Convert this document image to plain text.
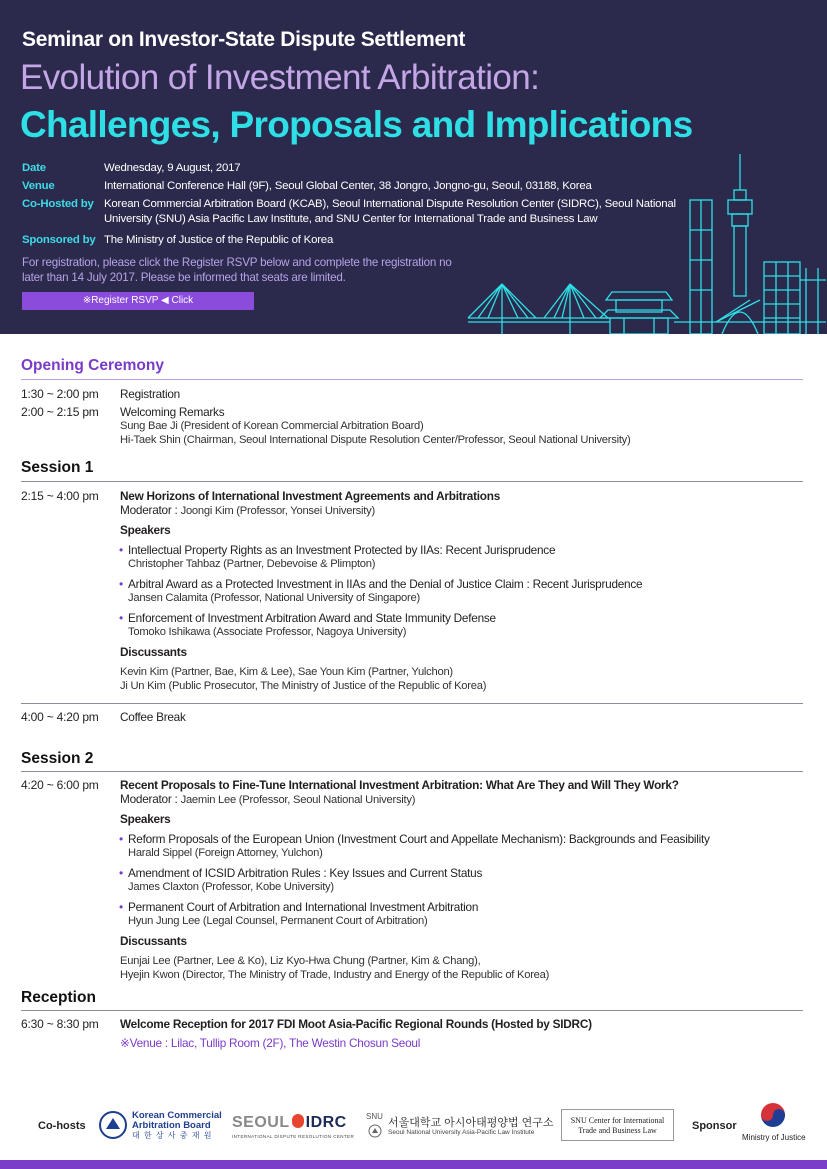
Seminar on Investor-State Dispute Settlement
Evolution of Investment Arbitration:
Challenges, Proposals and Implications
Date	Wednesday, 9 August, 2017
Venue	International Conference Hall (9F), Seoul Global Center, 38 Jongro, Jongno-gu, Seoul, 03188, Korea
Co-Hosted by Korean Commercial Arbitration Board (KCAB), Seoul International Dispute Resolution Center (SIDRC), Seoul National
University (SNU) Asia Pacific Law Institute, and SNU Center for International Trade and Business Law
Sponsored by The Ministry of Justice of the Republic of Korea
For registration, please click the Register RSVP below and complete the registration no
later than 14 July 2017. Please be informed that seats are limited.
※Register RSVP ◀ Click
Opening Ceremony
1:30 ~ 2:00 pm Registration
2:00 ~ 2:15 pm Welcoming Remarks
Sung Bae Ji (President of Korean Commercial Arbitration Board)
Hi-Taek Shin (Chairman, Seoul International Dispute Resolution Center/Professor, Seoul National University)
Session 1
2:15 ~ 4:00 pm New Horizons of International Investment Agreements and Arbitrations
Moderator : Joongi Kim (Professor, Yonsei University)
Speakers
• Intellectual Property Rights as an Investment Protected by IIAs: Recent Jurisprudence
Christopher Tahbaz (Partner, Debevoise & Plimpton)
• Arbitral Award as a Protected Investment in IIAs and the Denial of Justice Claim : Recent Jurisprudence
Jansen Calamita (Professor, National University of Singapore)
• Enforcement of Investment Arbitration Award and State Immunity Defense
Tomoko Ishikawa (Associate Professor, Nagoya University)
Discussants
Kevin Kim (Partner, Bae, Kim & Lee), Sae Youn Kim (Partner, Yulchon)
Ji Un Kim (Public Prosecutor, The Ministry of Justice of the Republic of Korea)
4:00 ~ 4:20 pm Coffee Break
Session 2
4:20 ~ 6:00 pm Recent Proposals to Fine-Tune International Investment Arbitration: What Are They and Will They Work?
Moderator : Jaemin Lee (Professor, Seoul National University)
Speakers
• Reform Proposals of the European Union (Investment Court and Appellate Mechanism): Backgrounds and Feasibility
Harald Sippel (Foreign Attorney, Yulchon)
• Amendment of ICSID Arbitration Rules : Key Issues and Current Status
James Claxton (Professor, Kobe University)
• Permanent Court of Arbitration and International Investment Arbitration
Hyun Jung Lee (Legal Counsel, Permanent Court of Arbitration)
Discussants
Eunjai Lee (Partner, Lee & Ko), Liz Kyo-Hwa Chung (Partner, Kim & Chang),
Hyejin Kwon (Director, The Ministry of Trade, Industry and Energy of the Republic of Korea)
Reception
6:30 ~ 8:30 pm Welcome Reception for 2017 FDI Moot Asia-Pacific Regional Rounds (Hosted by SIDRC)
※Venue : Lilac, Tullip Room (2F), The Westin Chosun Seoul
Co-hosts
Korean Commercial
Arbitration Board
대 한 상 사 중 재 원
SEOUL IDRC
INTERNATIONAL DISPUTE RESOLUTION CENTER
SNU
서울대학교 아시아태평양법 연구소
Seoul National University Asia-Pacific Law Institute
SNU Center for International
Trade and Business Law	Sponsor
Ministry of Justice
